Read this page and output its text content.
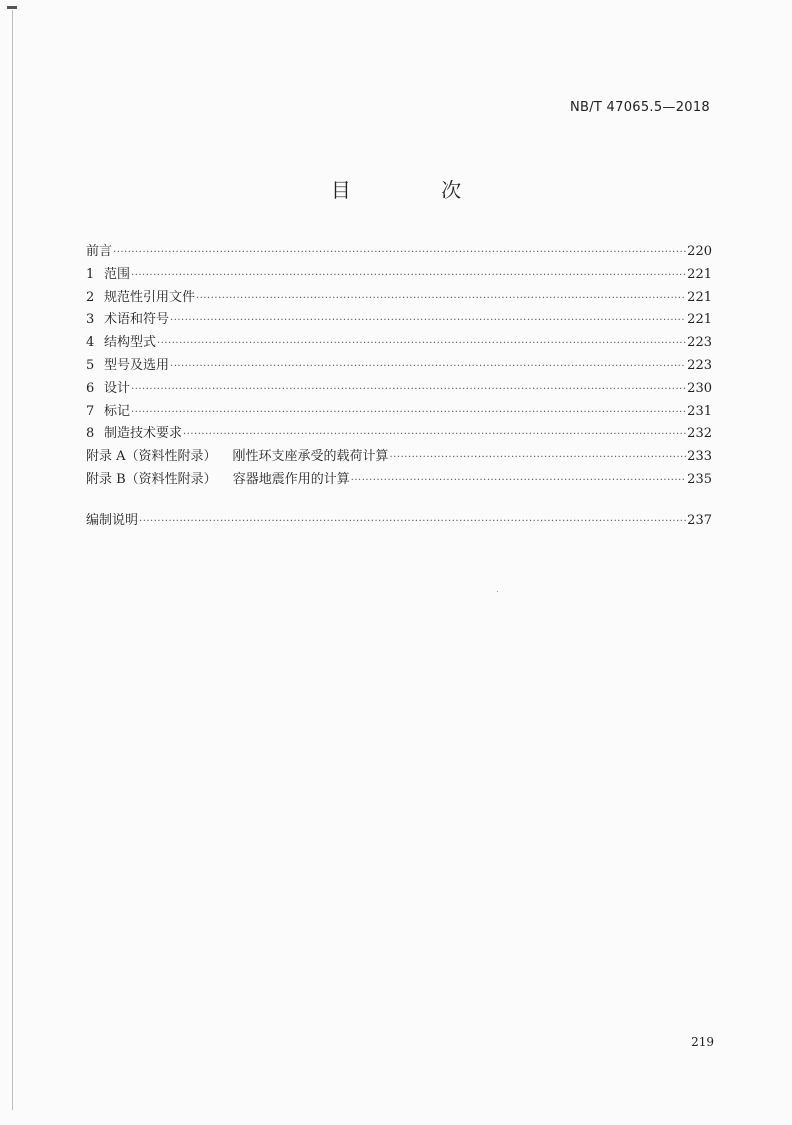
NB/T 47065.5—2018
目 次
前言 ·····	220
1 范围 ·····	221
2 规范性引用文件 ·····	221
3 术语和符号 ·····	221
4 结构型式 ·····	223
5 型号及选用 ·····	223
6 设计 ·····	230
7 标记 ·····	231
8 制造技术要求 ·····	232
附录 A（资料性附录） 刚性环支座承受的载荷计算 ·····	233
附录 B（资料性附录） 容器地震作用的计算 ·····	235
编制说明 ·····	237
219
